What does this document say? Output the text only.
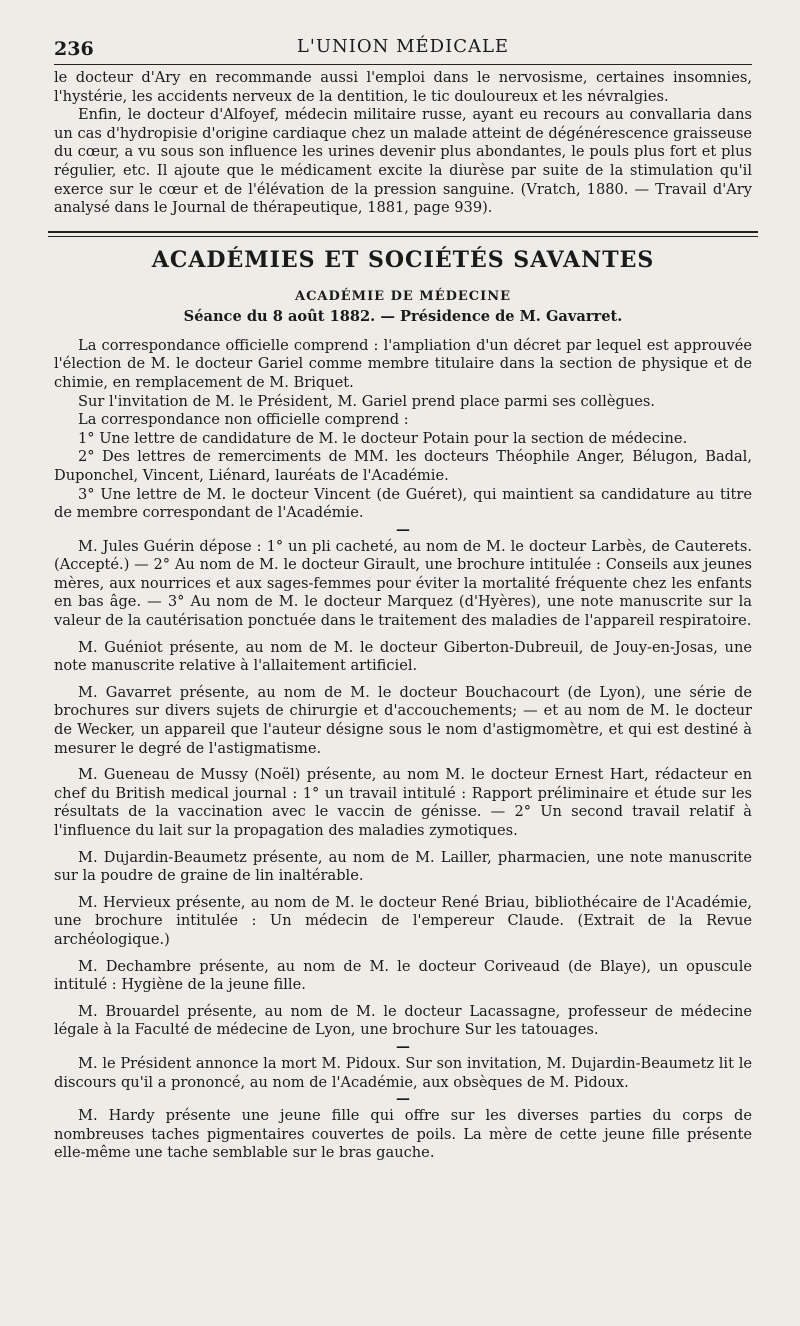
236	L'UNION MÉDICALE

le docteur d'Ary en recommande aussi l'emploi dans le nervosisme, certaines insomnies, l'hystérie, les accidents nerveux de la dentition, le tic douloureux et les névralgies.

Enfin, le docteur d'Alfoyef, médecin militaire russe, ayant eu recours au convallaria dans un cas d'hydropisie d'origine cardiaque chez un malade atteint de dégénérescence graisseuse du cœur, a vu sous son influence les urines devenir plus abondantes, le pouls plus fort et plus régulier, etc. Il ajoute que le médicament excite la diurèse par suite de la stimulation qu'il exerce sur le cœur et de l'élévation de la pression sanguine. (Vratch, 1880. — Travail d'Ary analysé dans le Journal de thérapeutique, 1881, page 939).

ACADÉMIES ET SOCIÉTÉS SAVANTES
ACADÉMIE DE MÉDECINE
Séance du 8 août 1882. — Présidence de M. Gavarret.

La correspondance officielle comprend : l'ampliation d'un décret par lequel est approuvée l'élection de M. le docteur Gariel comme membre titulaire dans la section de physique et de chimie, en remplacement de M. Briquet.

Sur l'invitation de M. le Président, M. Gariel prend place parmi ses collègues.

La correspondance non officielle comprend :

1° Une lettre de candidature de M. le docteur Potain pour la section de médecine.

2° Des lettres de remerciments de MM. les docteurs Théophile Anger, Bélugon, Badal, Duponchel, Vincent, Liénard, lauréats de l'Académie.

3° Une lettre de M. le docteur Vincent (de Guéret), qui maintient sa candidature au titre de membre correspondant de l'Académie.

—

M. Jules Guérin dépose : 1° un pli cacheté, au nom de M. le docteur Larbès, de Cauterets. (Accepté.) — 2° Au nom de M. le docteur Girault, une brochure intitulée : Conseils aux jeunes mères, aux nourrices et aux sages-femmes pour éviter la mortalité fréquente chez les enfants en bas âge. — 3° Au nom de M. le docteur Marquez (d'Hyères), une note manuscrite sur la valeur de la cautérisation ponctuée dans le traitement des maladies de l'appareil respiratoire.

M. Guéniot présente, au nom de M. le docteur Giberton-Dubreuil, de Jouy-en-Josas, une note manuscrite relative à l'allaitement artificiel.

M. Gavarret présente, au nom de M. le docteur Bouchacourt (de Lyon), une série de brochures sur divers sujets de chirurgie et d'accouchements; — et au nom de M. le docteur de Wecker, un appareil que l'auteur désigne sous le nom d'astigmomètre, et qui est destiné à mesurer le degré de l'astigmatisme.

M. Gueneau de Mussy (Noël) présente, au nom M. le docteur Ernest Hart, rédacteur en chef du British medical journal : 1° un travail intitulé : Rapport préliminaire et étude sur les résultats de la vaccination avec le vaccin de génisse. — 2° Un second travail relatif à l'influence du lait sur la propagation des maladies zymotiques.

M. Dujardin-Beaumetz présente, au nom de M. Lailler, pharmacien, une note manuscrite sur la poudre de graine de lin inaltérable.

M. Hervieux présente, au nom de M. le docteur René Briau, bibliothécaire de l'Académie, une brochure intitulée : Un médecin de l'empereur Claude. (Extrait de la Revue archéologique.)

M. Dechambre présente, au nom de M. le docteur Coriveaud (de Blaye), un opuscule intitulé : Hygiène de la jeune fille.

M. Brouardel présente, au nom de M. le docteur Lacassagne, professeur de médecine légale à la Faculté de médecine de Lyon, une brochure Sur les tatouages.

—

M. le Président annonce la mort M. Pidoux. Sur son invitation, M. Dujardin-Beaumetz lit le discours qu'il a prononcé, au nom de l'Académie, aux obsèques de M. Pidoux.

—

M. Hardy présente une jeune fille qui offre sur les diverses parties du corps de nombreuses taches pigmentaires couvertes de poils. La mère de cette jeune fille présente elle-même une tache semblable sur le bras gauche.
